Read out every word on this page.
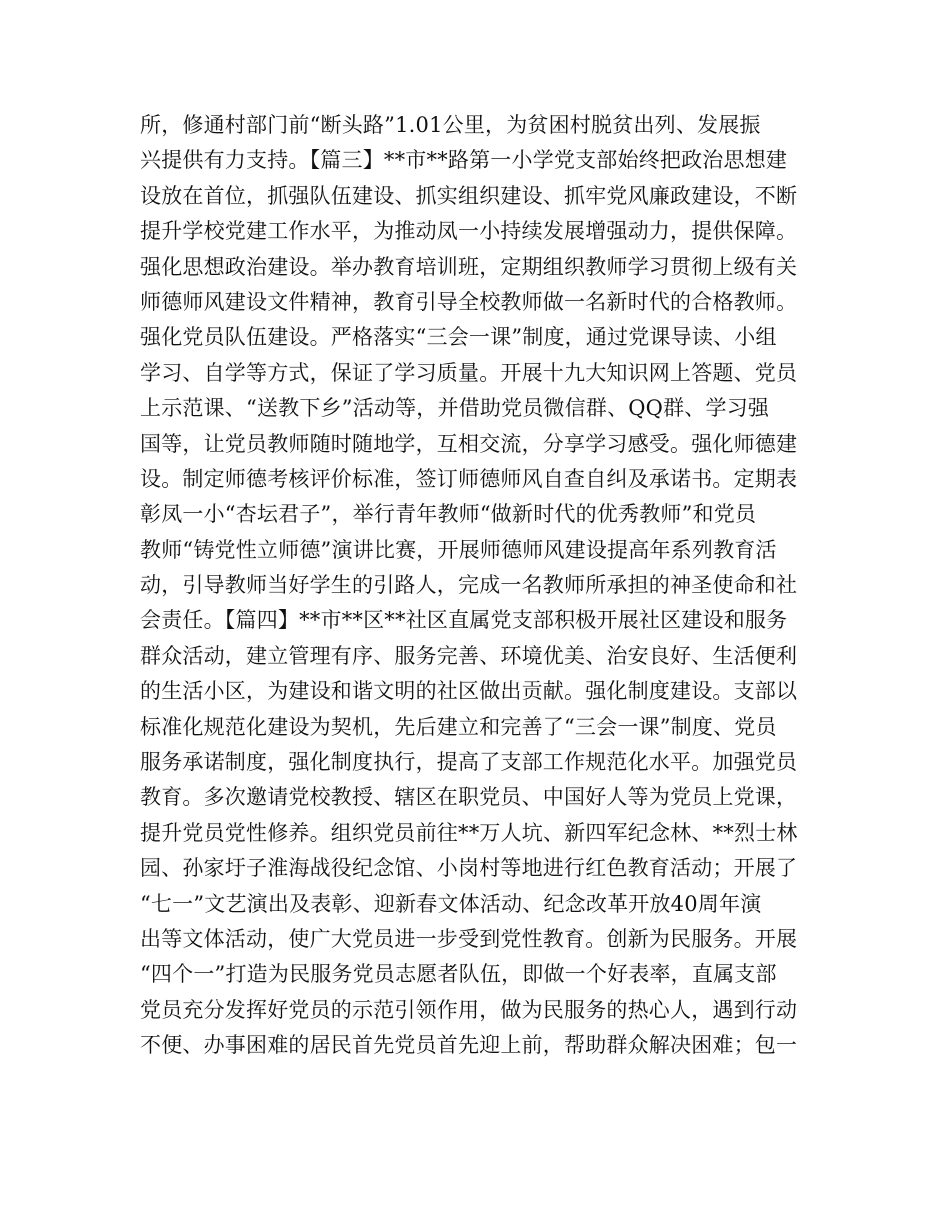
所，修通村部门前“断头路”1.01公里，为贫困村脱贫出列、发展振
兴提供有力支持。【篇三】**市**路第一小学党支部始终把政治思想建
设放在首位，抓强队伍建设、抓实组织建设、抓牢党风廉政建设，不断
提升学校党建工作水平，为推动凤一小持续发展增强动力，提供保障。
强化思想政治建设。举办教育培训班，定期组织教师学习贯彻上级有关
师德师风建设文件精神，教育引导全校教师做一名新时代的合格教师。
强化党员队伍建设。严格落实“三会一课”制度，通过党课导读、小组
学习、自学等方式，保证了学习质量。开展十九大知识网上答题、党员
上示范课、“送教下乡”活动等，并借助党员微信群、QQ群、学习强
国等，让党员教师随时随地学，互相交流，分享学习感受。强化师德建
设。制定师德考核评价标准，签订师德师风自查自纠及承诺书。定期表
彰凤一小“杏坛君子”，举行青年教师“做新时代的优秀教师”和党员
教师“铸党性立师德”演讲比赛，开展师德师风建设提高年系列教育活
动，引导教师当好学生的引路人，完成一名教师所承担的神圣使命和社
会责任。【篇四】**市**区**社区直属党支部积极开展社区建设和服务
群众活动，建立管理有序、服务完善、环境优美、治安良好、生活便利
的生活小区，为建设和谐文明的社区做出贡献。强化制度建设。支部以
标准化规范化建设为契机，先后建立和完善了“三会一课”制度、党员
服务承诺制度，强化制度执行，提高了支部工作规范化水平。加强党员
教育。多次邀请党校教授、辖区在职党员、中国好人等为党员上党课，
提升党员党性修养。组织党员前往**万人坑、新四军纪念林、**烈士林
园、孙家圩子淮海战役纪念馆、小岗村等地进行红色教育活动；开展了
“七一”文艺演出及表彰、迎新春文体活动、纪念改革开放40周年演
出等文体活动，使广大党员进一步受到党性教育。创新为民服务。开展
“四个一”打造为民服务党员志愿者队伍，即做一个好表率，直属支部
党员充分发挥好党员的示范引领作用，做为民服务的热心人，遇到行动
不便、办事困难的居民首先党员首先迎上前，帮助群众解决困难；包一
